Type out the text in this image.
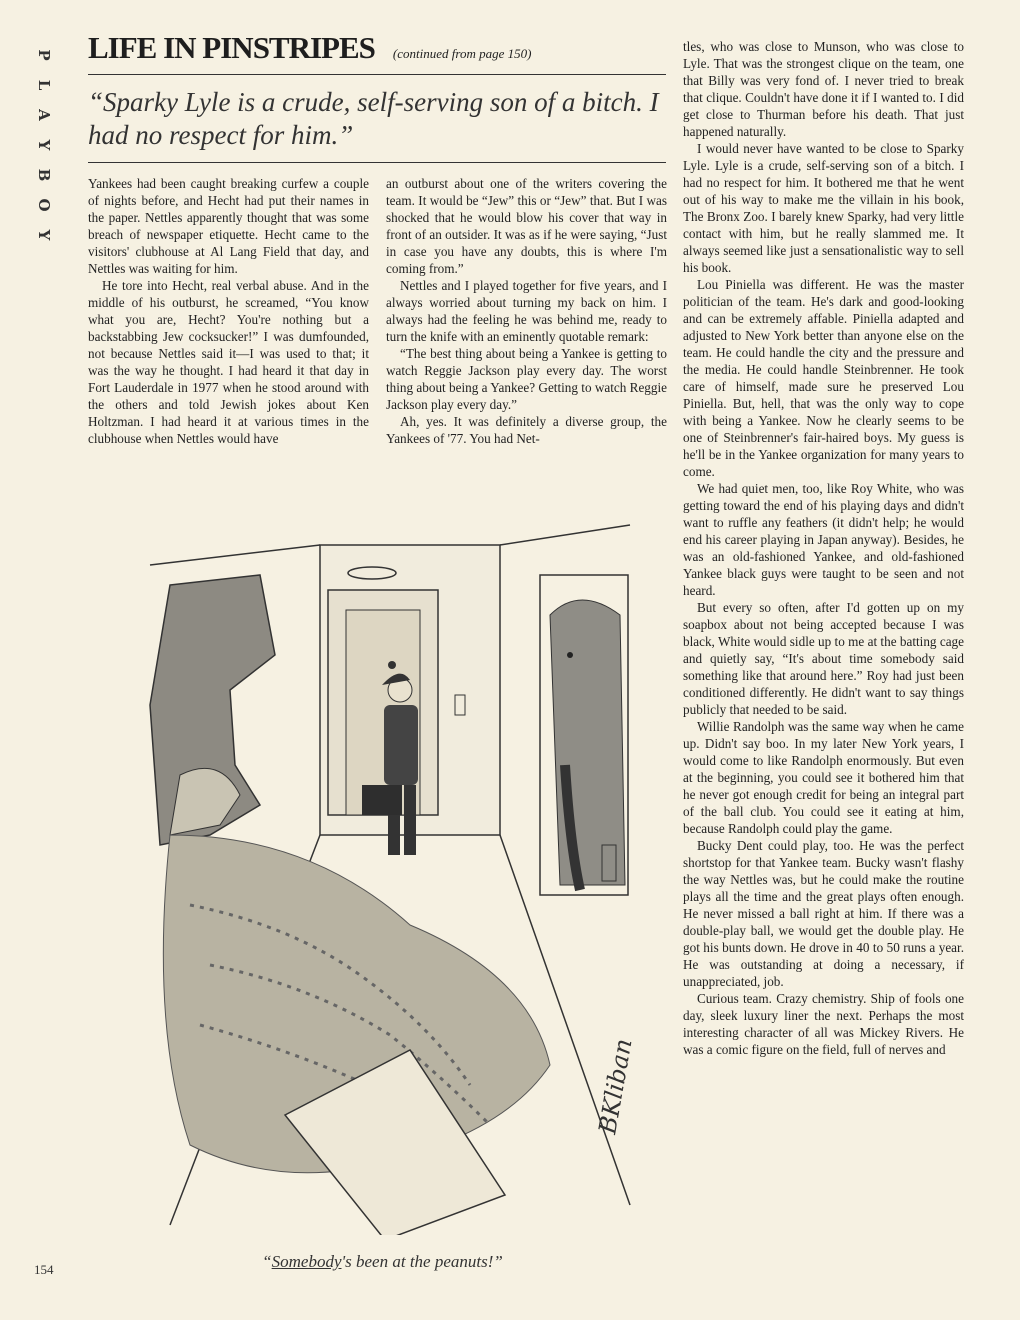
P
L
A
Y
B
O
Y
LIFE IN PINSTRIPES (continued from page 150)
“Sparky Lyle is a crude, self-serving son of a bitch. I had no respect for him.”

Yankees had been caught breaking curfew a couple of nights before, and Hecht had put their names in the paper. Nettles apparently thought that was some breach of newspaper etiquette. Hecht came to the visitors' clubhouse at Al Lang Field that day, and Nettles was waiting for him.

He tore into Hecht, real verbal abuse. And in the middle of his outburst, he screamed, “You know what you are, Hecht? You're nothing but a backstabbing Jew cocksucker!” I was dumfounded, not because Nettles said it—I was used to that; it was the way he thought. I had heard it that day in Fort Lauderdale in 1977 when he stood around with the others and told Jewish jokes about Ken Holtzman. I had heard it at various times in the clubhouse when Nettles would have

an outburst about one of the writers covering the team. It would be “Jew” this or “Jew” that. But I was shocked that he would blow his cover that way in front of an outsider. It was as if he were saying, “Just in case you have any doubts, this is where I'm coming from.”

Nettles and I played together for five years, and I always worried about turning my back on him. I always had the feeling he was behind me, ready to turn the knife with an eminently quotable remark:

“The best thing about being a Yankee is getting to watch Reggie Jackson play every day. The worst thing about being a Yankee? Getting to watch Reggie Jackson play every day.”

Ah, yes. It was definitely a diverse group, the Yankees of '77. You had Net-

tles, who was close to Munson, who was close to Lyle. That was the strongest clique on the team, one that Billy was very fond of. I never tried to break that clique. Couldn't have done it if I wanted to. I did get close to Thurman before his death. That just happened naturally.

I would never have wanted to be close to Sparky Lyle. Lyle is a crude, self-serving son of a bitch. I had no respect for him. It bothered me that he went out of his way to make me the villain in his book, The Bronx Zoo. I barely knew Sparky, had very little contact with him, but he really slammed me. It always seemed like just a sensationalistic way to sell his book.

Lou Piniella was different. He was the master politician of the team. He's dark and good-looking and can be extremely affable. Piniella adapted and adjusted to New York better than anyone else on the team. He could handle the city and the pressure and the media. He could handle Steinbrenner. He took care of himself, made sure he preserved Lou Piniella. But, hell, that was the only way to cope with being a Yankee. Now he clearly seems to be one of Steinbrenner's fair-haired boys. My guess is he'll be in the Yankee organization for many years to come.

We had quiet men, too, like Roy White, who was getting toward the end of his playing days and didn't want to ruffle any feathers (it didn't help; he would end his career playing in Japan anyway). Besides, he was an old-fashioned Yankee, and old-fashioned Yankee black guys were taught to be seen and not heard.

But every so often, after I'd gotten up on my soapbox about not being accepted because I was black, White would sidle up to me at the batting cage and quietly say, “It's about time somebody said something like that around here.” Roy had just been conditioned differently. He didn't want to say things publicly that needed to be said.

Willie Randolph was the same way when he came up. Didn't say boo. In my later New York years, I would come to like Randolph enormously. But even at the beginning, you could see it bothered him that he never got enough credit for being an integral part of the ball club. You could see it eating at him, because Randolph could play the game.

Bucky Dent could play, too. He was the perfect shortstop for that Yankee team. Bucky wasn't flashy the way Nettles was, but he could make the routine plays all the time and the great plays often enough. He never missed a ball right at him. If there was a double-play ball, we would get the double play. He got his bunts down. He drove in 40 to 50 runs a year. He was outstanding at doing a necessary, if unappreciated, job.

Curious team. Crazy chemistry. Ship of fools one day, sleek luxury liner the next. Perhaps the most interesting character of all was Mickey Rivers. He was a comic figure on the field, full of nerves and

BKliban
“Somebody's been at the peanuts!”
154
